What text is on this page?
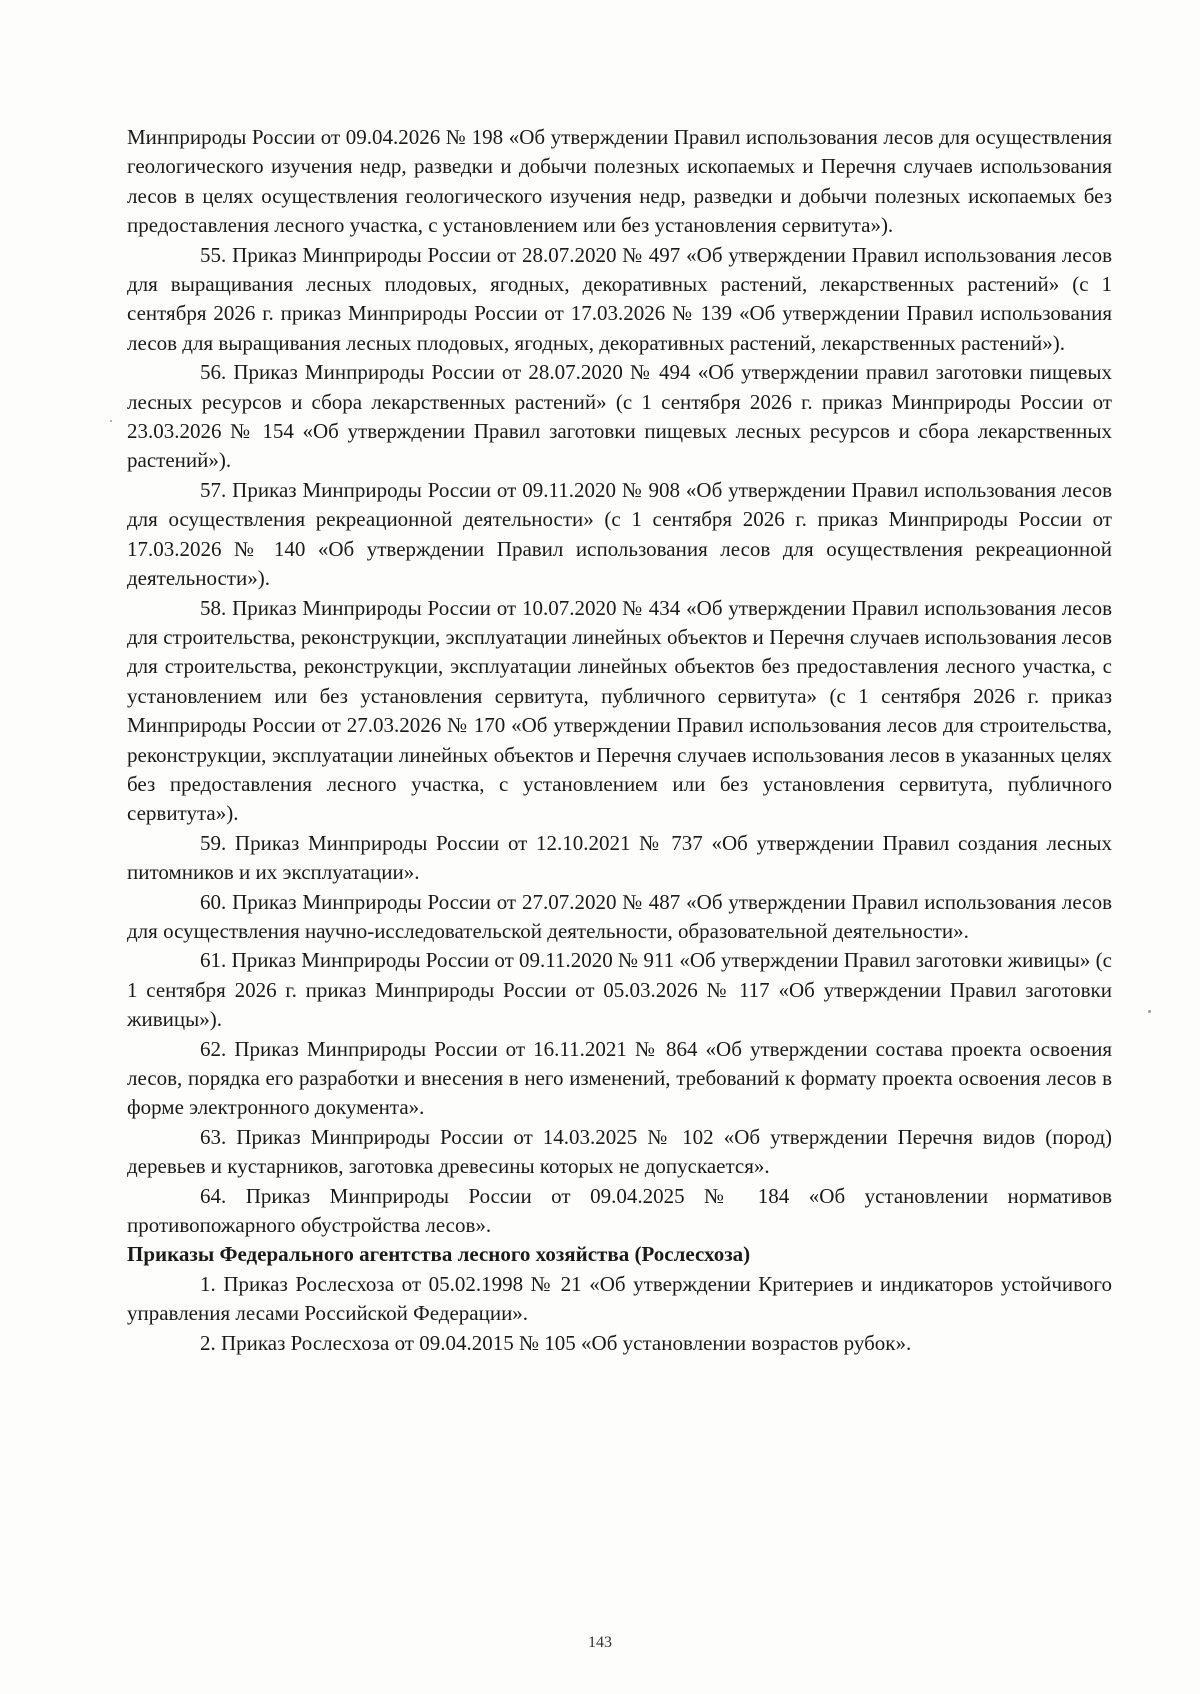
Минприроды России от 09.04.2026 № 198 «Об утверждении Правил использования лесов для осуществления геологического изучения недр, разведки и добычи полезных ископаемых и Перечня случаев использования лесов в целях осуществления геологического изучения недр, разведки и добычи полезных ископаемых без предоставления лесного участка, с установлением или без установления сервитута»).

55. Приказ Минприроды России от 28.07.2020 № 497 «Об утверждении Правил использования лесов для выращивания лесных плодовых, ягодных, декоративных растений, лекарственных растений» (с 1 сентября 2026 г. приказ Минприроды России от 17.03.2026 № 139 «Об утверждении Правил использования лесов для выращивания лесных плодовых, ягодных, декоративных растений, лекарственных растений»).

56. Приказ Минприроды России от 28.07.2020 № 494 «Об утверждении правил заготовки пищевых лесных ресурсов и сбора лекарственных растений» (с 1 сентября 2026 г. приказ Минприроды России от 23.03.2026 № 154 «Об утверждении Правил заготовки пищевых лесных ресурсов и сбора лекарственных растений»).

57. Приказ Минприроды России от 09.11.2020 № 908 «Об утверждении Правил использования лесов для осуществления рекреационной деятельности» (с 1 сентября 2026 г. приказ Минприроды России от 17.03.2026 № 140 «Об утверждении Правил использования лесов для осуществления рекреационной деятельности»).

58. Приказ Минприроды России от 10.07.2020 № 434 «Об утверждении Правил использования лесов для строительства, реконструкции, эксплуатации линейных объектов и Перечня случаев использования лесов для строительства, реконструкции, эксплуатации линейных объектов без предоставления лесного участка, с установлением или без установления сервитута, публичного сервитута» (с 1 сентября 2026 г. приказ Минприроды России от 27.03.2026 № 170 «Об утверждении Правил использования лесов для строительства, реконструкции, эксплуатации линейных объектов и Перечня случаев использования лесов в указанных целях без предоставления лесного участка, с установлением или без установления сервитута, публичного сервитута»).

59. Приказ Минприроды России от 12.10.2021 № 737 «Об утверждении Правил создания лесных питомников и их эксплуатации».

60. Приказ Минприроды России от 27.07.2020 № 487 «Об утверждении Правил использования лесов для осуществления научно-исследовательской деятельности, образовательной деятельности».

61. Приказ Минприроды России от 09.11.2020 № 911 «Об утверждении Правил заготовки живицы» (с 1 сентября 2026 г. приказ Минприроды России от 05.03.2026 № 117 «Об утверждении Правил заготовки живицы»).

62. Приказ Минприроды России от 16.11.2021 № 864 «Об утверждении состава проекта освоения лесов, порядка его разработки и внесения в него изменений, требований к формату проекта освоения лесов в форме электронного документа».

63. Приказ Минприроды России от 14.03.2025 № 102 «Об утверждении Перечня видов (пород) деревьев и кустарников, заготовка древесины которых не допускается».

64. Приказ Минприроды России от 09.04.2025 № 184 «Об установлении нормативов противопожарного обустройства лесов».

Приказы Федерального агентства лесного хозяйства (Рослесхоза)

1. Приказ Рослесхоза от 05.02.1998 № 21 «Об утверждении Критериев и индикаторов устойчивого управления лесами Российской Федерации».

2. Приказ Рослесхоза от 09.04.2015 № 105 «Об установлении возрастов рубок».

143
